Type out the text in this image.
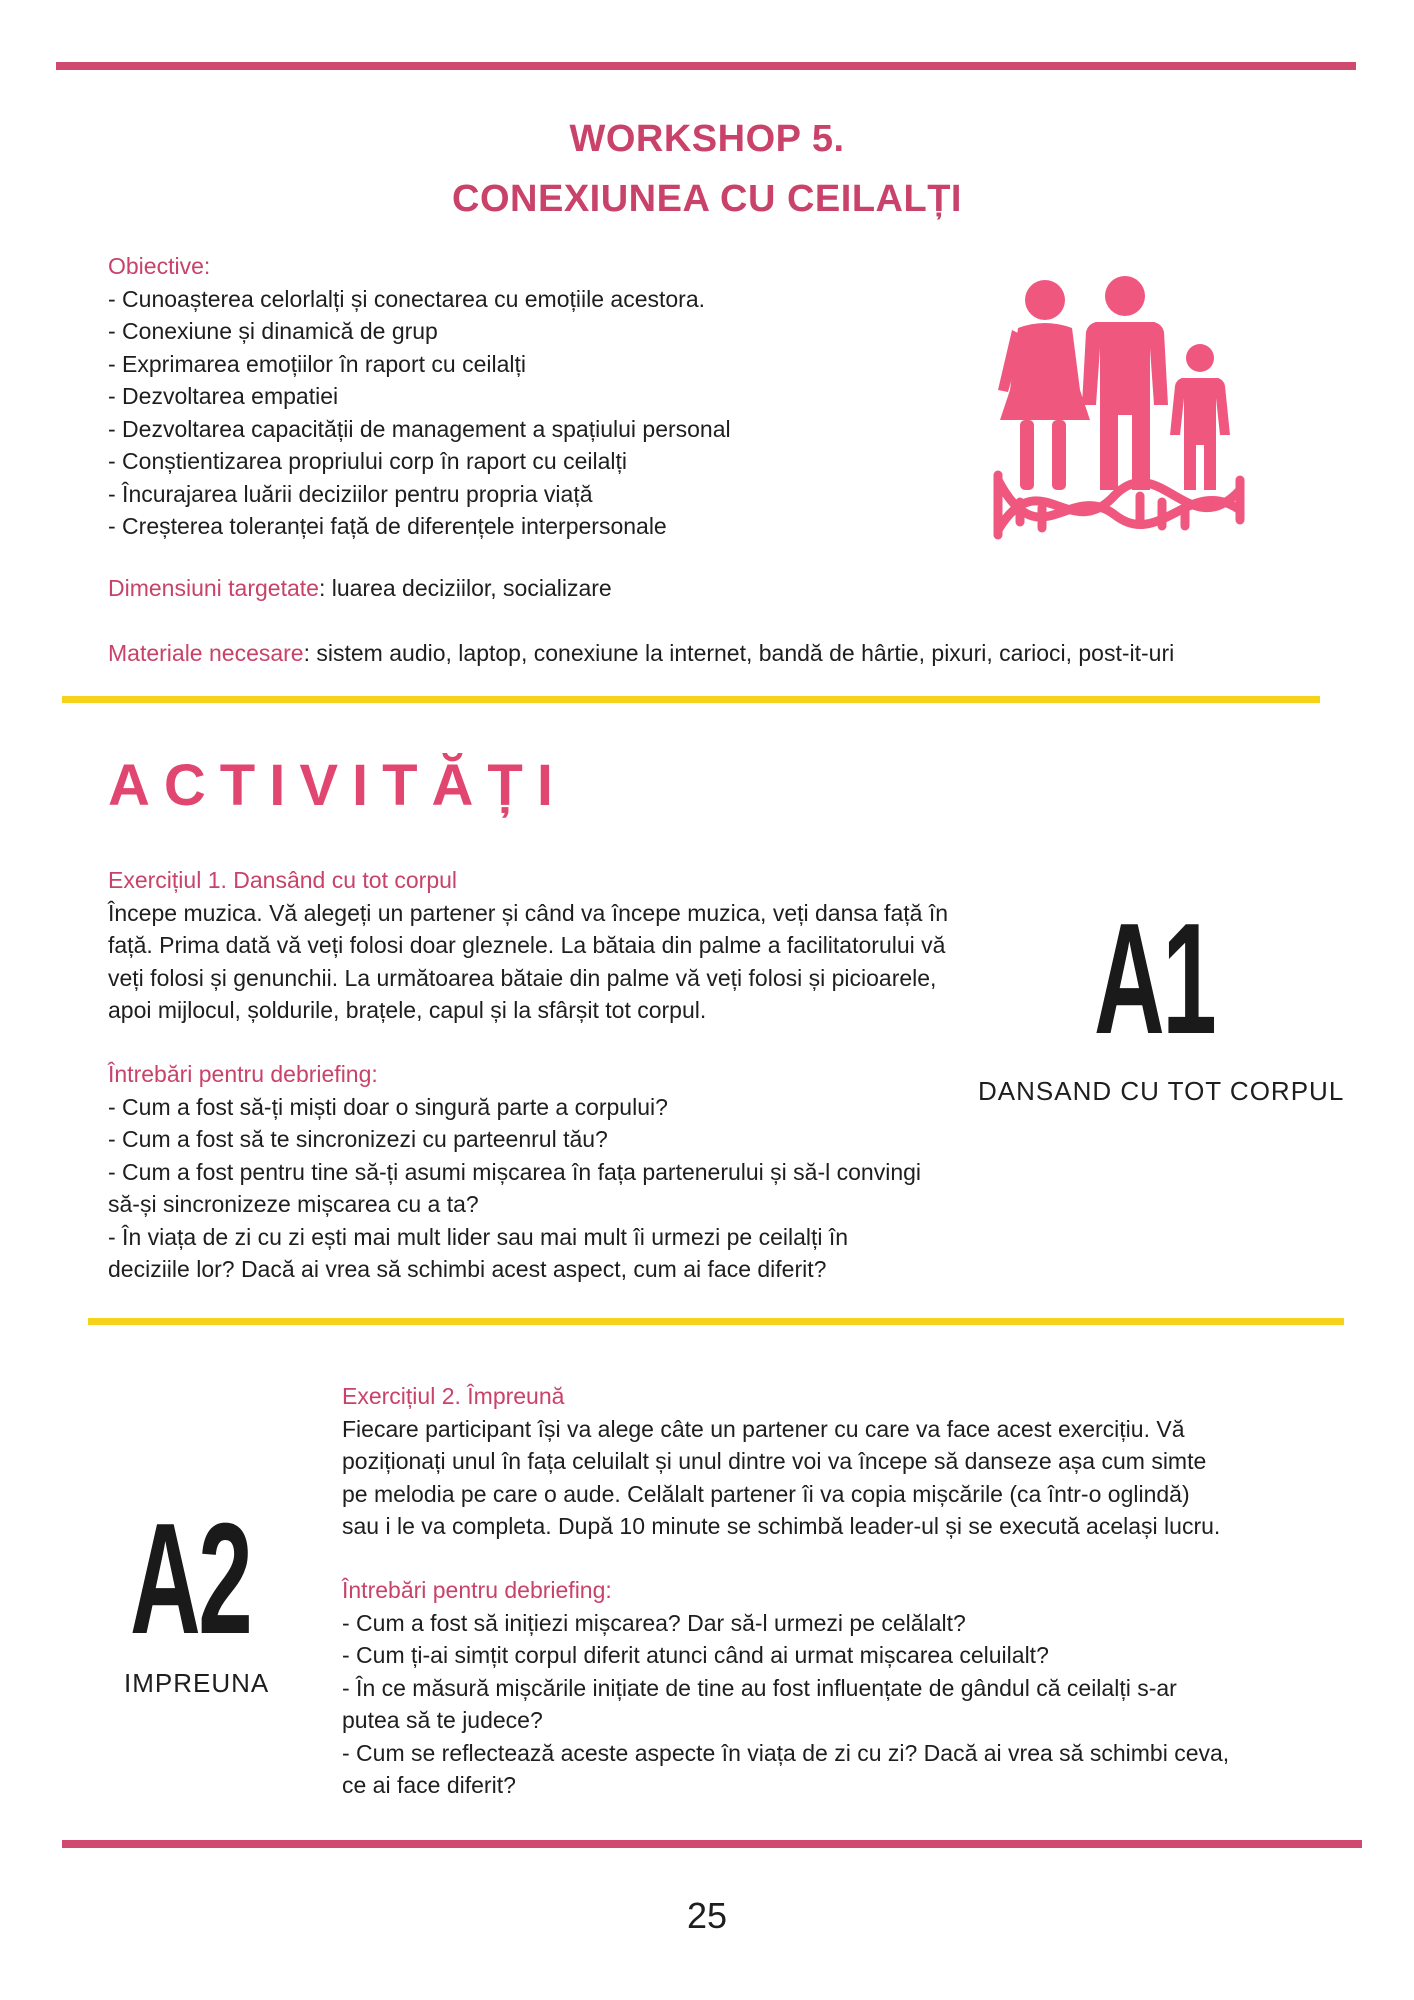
WORKSHOP 5.
CONEXIUNEA CU CEILALȚI
Obiective:
- Cunoașterea celorlalți și conectarea cu emoțiile acestora.
- Conexiune și dinamică de grup
- Exprimarea emoțiilor în raport cu ceilalți
- Dezvoltarea empatiei
- Dezvoltarea capacității de management a spațiului personal
- Conștientizarea propriului corp în raport cu ceilalți
- Încurajarea luării deciziilor pentru propria viață
- Creșterea toleranței față de diferențele interpersonale
Dimensiuni targetate: luarea deciziilor, socializare
Materiale necesare: sistem audio, laptop, conexiune la internet, bandă de hârtie, pixuri, carioci, post-it-uri
ACTIVITĂȚI
Exercițiul 1. Dansând cu tot corpul
Începe muzica. Vă alegeți un partener și când va începe muzica, veți dansa față în
față. Prima dată vă veți folosi doar gleznele. La bătaia din palme a facilitatorului vă
veți folosi și genunchii. La următoarea bătaie din palme vă veți folosi și picioarele,
apoi mijlocul, șoldurile, brațele, capul și la sfârșit tot corpul.
Întrebări pentru debriefing:
- Cum a fost să-ți miști doar o singură parte a corpului?
- Cum a fost să te sincronizezi cu parteenrul tău?
- Cum a fost pentru tine să-ți asumi mișcarea în fața partenerului și să-l convingi
să-și sincronizeze mișcarea cu a ta?
- În viața de zi cu zi ești mai mult lider sau mai mult îi urmezi pe ceilalți în
deciziile lor? Dacă ai vrea să schimbi acest aspect, cum ai face diferit?
A1
DANSAND CU TOT CORPUL
Exercițiul 2. Împreună
Fiecare participant își va alege câte un partener cu care va face acest exercițiu. Vă
poziționați unul în fața celuilalt și unul dintre voi va începe să danseze așa cum simte
pe melodia pe care o aude. Celălalt partener îi va copia mișcările (ca într-o oglindă)
sau i le va completa. După 10 minute se schimbă leader-ul și se execută același lucru.
Întrebări pentru debriefing:
- Cum a fost să inițiezi mișcarea? Dar să-l urmezi pe celălalt?
- Cum ți-ai simțit corpul diferit atunci când ai urmat mișcarea celuilalt?
- În ce măsură mișcările inițiate de tine au fost influențate de gândul că ceilalți s-ar
putea să te judece?
- Cum se reflectează aceste aspecte în viața de zi cu zi? Dacă ai vrea să schimbi ceva,
ce ai face diferit?
A2
IMPREUNA
25
